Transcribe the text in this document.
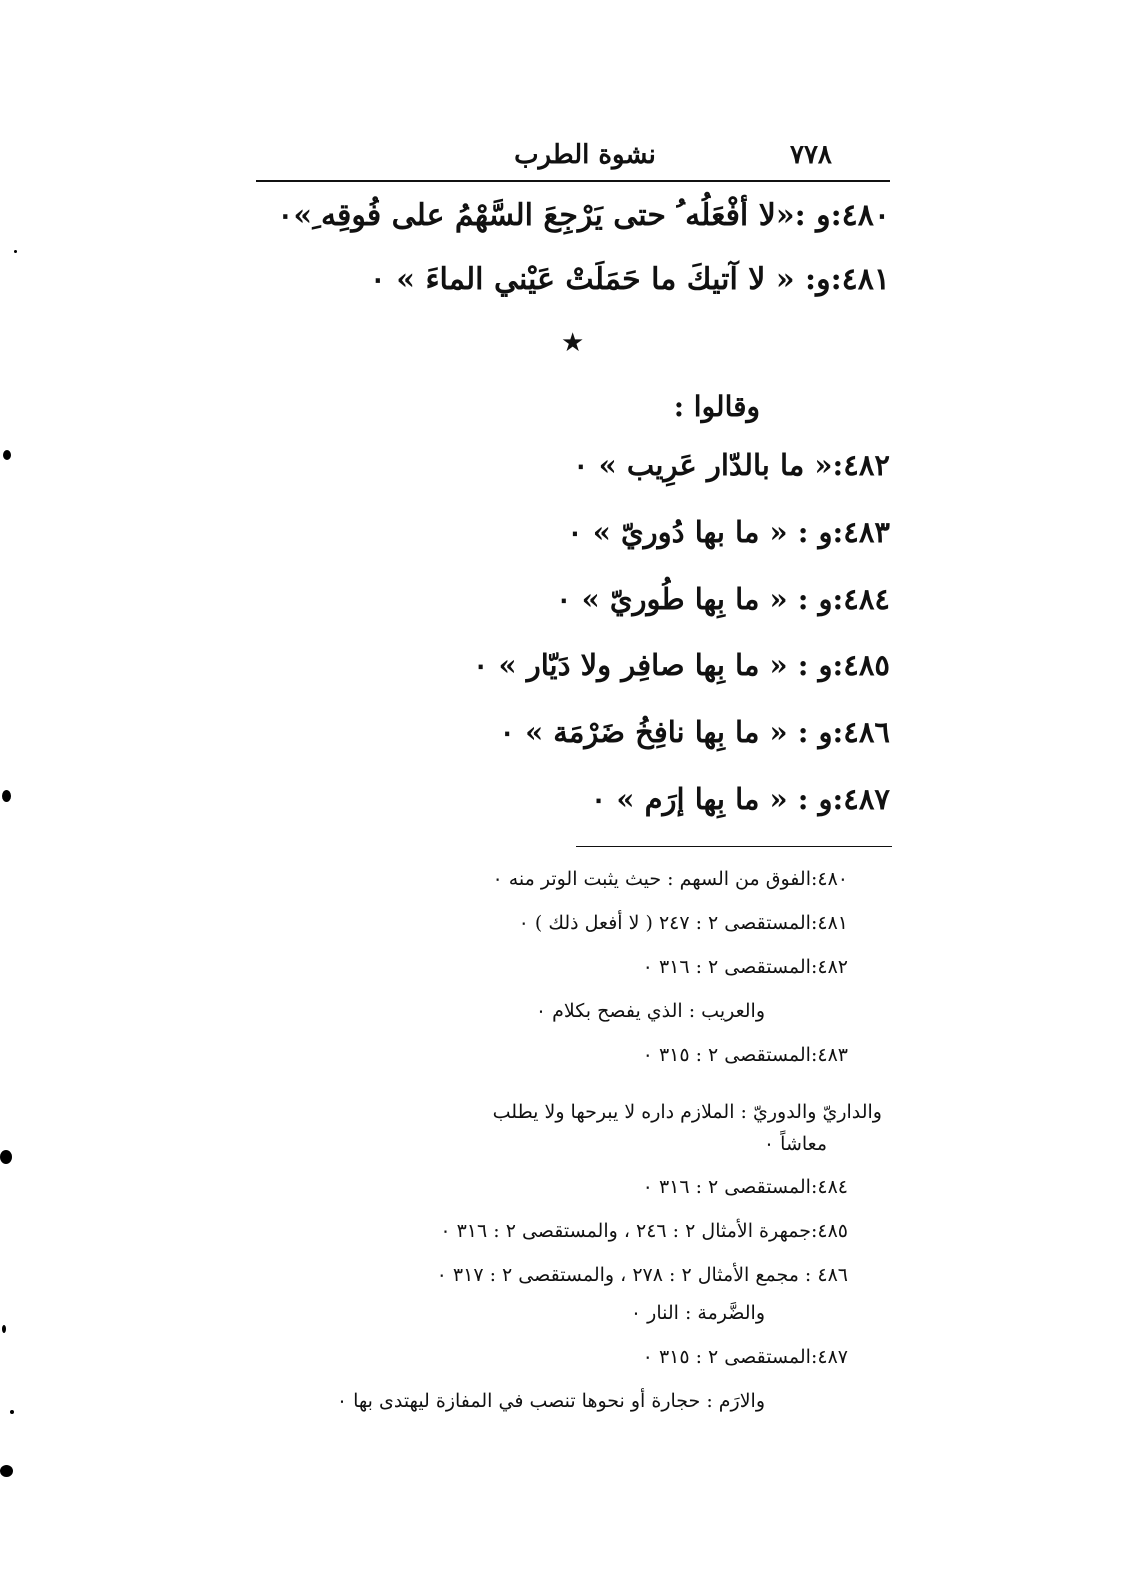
٧٧٨
نشوة الطرب
٤٨٠:و :«لا أفْعَلُه ُ حتى يَرْجِعَ السَّهْمُ على فُوقِه ِ»٠
٤٨١:و: « لا آتيكَ ما حَمَلَتْ عَيْني الماءَ » ٠
★
وقالوا :
٤٨٢:« ما بالدّار عَرِيب » ٠
٤٨٣:و : « ما بها دُوريّ » ٠
٤٨٤:و : « ما بِها طُوريّ » ٠
٤٨٥:و : « ما بِها صافِر ولا دَيّار » ٠
٤٨٦:و : « ما بِها نافِخُ ضَرْمَة » ٠
٤٨٧:و : « ما بِها إرَم » ٠
٤٨٠:الفوق من السهم : حيث يثبت الوتر منه ٠
٤٨١:المستقصى ٢ : ٢٤٧ ( لا أفعل ذلك ) ٠
٤٨٢:المستقصى ٢ : ٣١٦ ٠
والعريب : الذي يفصح بكلام ٠
٤٨٣:المستقصى ٢ : ٣١٥ ٠
والداريّ والدوريّ : الملازم داره لا يبرحها ولا يطلب
معاشاً ٠
٤٨٤:المستقصى ٢ : ٣١٦ ٠
٤٨٥:جمهرة الأمثال ٢ : ٢٤٦ ، والمستقصى ٢ : ٣١٦ ٠
٤٨٦ : مجمع الأمثال ٢ : ٢٧٨ ، والمستقصى ٢ : ٣١٧ ٠
والضَّرمة : النار ٠
٤٨٧:المستقصى ٢ : ٣١٥ ٠
والارَم : حجارة أو نحوها تنصب في المفازة ليهتدى بها ٠
